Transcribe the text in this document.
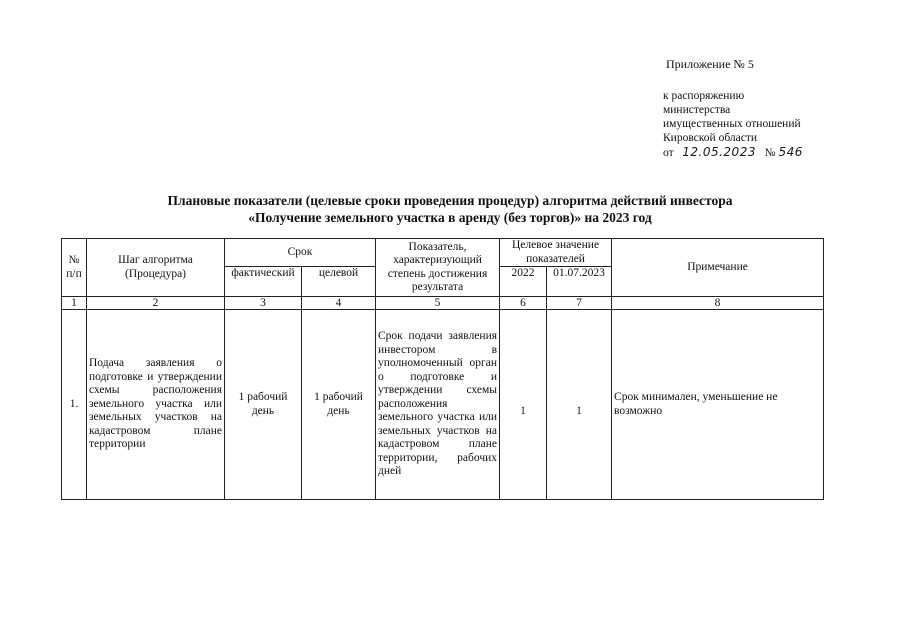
Приложение № 5
к распоряжению
министерства
имущественных отношений
Кировской области
от 12.05.2023 № 546
Плановые показатели (целевые сроки проведения процедур) алгоритма действий инвестора
«Получение земельного участка в аренду (без торгов)» на 2023 год
№ п/п	Шаг алгоритма (Процедура)	Срок		Показатель, характеризующий степень достижения результата	Целевое значение показателей		Примечание
		фактический	целевой		2022	01.07.2023	
1	2	3	4	5	6	7	8
1.	Подача заявления о подготовке и утверждении схемы расположения земельного участка или земельных участков на кадастровом плане территории	1 рабочий день	1 рабочий день	Срок подачи заявления инвестором в уполномоченный орган о подготовке и утверждении схемы расположения земельного участка или земельных участков на кадастровом плане территории, рабочих дней	1	1	Срок минимален, уменьшение не возможно
